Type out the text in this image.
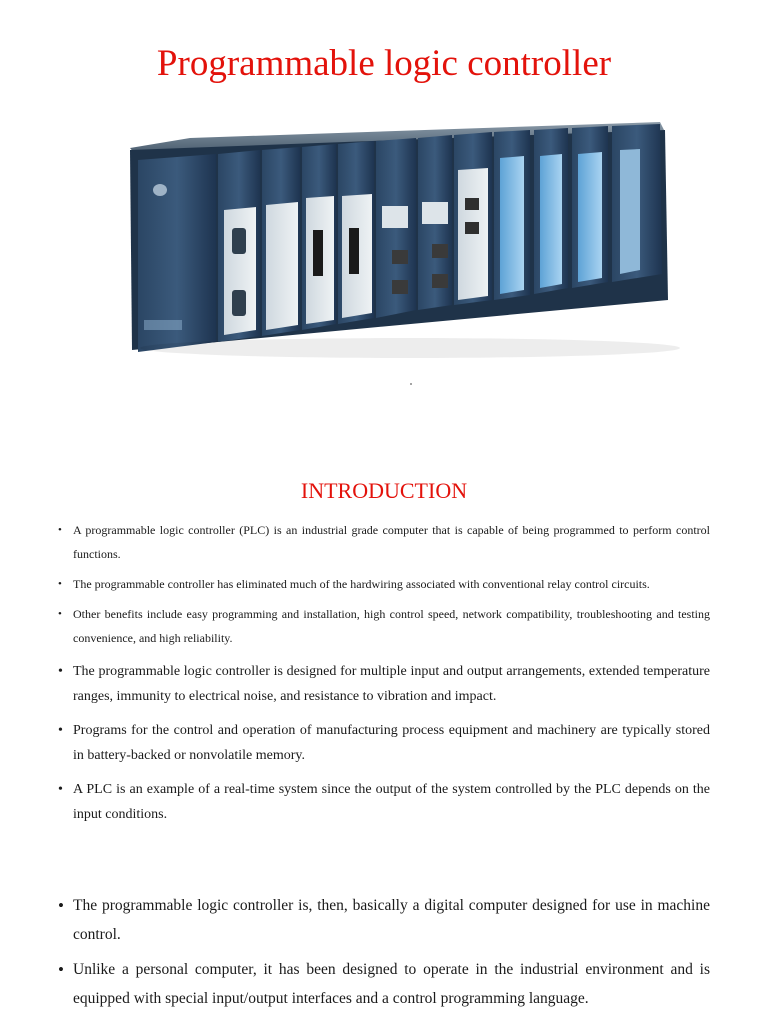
Programmable logic controller
INTRODUCTION
• A programmable logic controller (PLC) is an industrial grade computer that is capable of being programmed to perform control functions.
• The programmable controller has eliminated much of the hardwiring associated with conventional relay control circuits.
• Other benefits include easy programming and installation, high control speed, network compatibility, troubleshooting and testing convenience, and high reliability.
• The programmable logic controller is designed for multiple input and output arrangements, extended temperature ranges, immunity to electrical noise, and resistance to vibration and impact.
• Programs for the control and operation of manufacturing process equipment and machinery are typically stored in battery-backed or nonvolatile memory.
• A PLC is an example of a real-time system since the output of the system controlled by the PLC depends on the input conditions.
• The programmable logic controller is, then, basically a digital computer designed for use in machine control.
• Unlike a personal computer, it has been designed to operate in the industrial environment and is equipped with special input/output interfaces and a control programming language.
